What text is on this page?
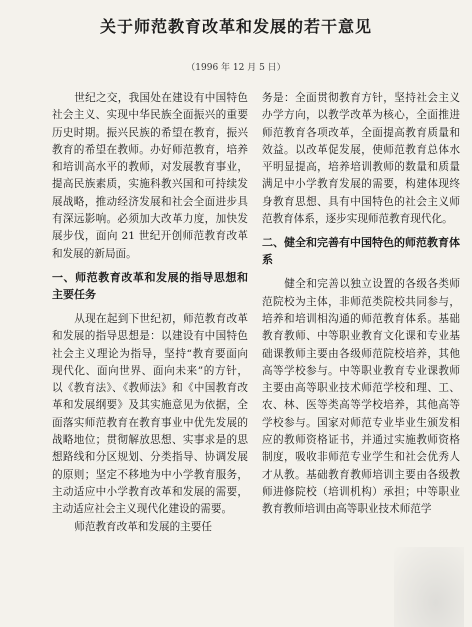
关于师范教育改革和发展的若干意见
（1996 年 12 月 5 日）

世纪之交，我国处在建设有中国特色社会主义、实现中华民族全面振兴的重要历史时期。振兴民族的希望在教育，振兴教育的希望在教师。办好师范教育，培养和培训高水平的教师，对发展教育事业，提高民族素质，实施科教兴国和可持续发展战略，推动经济发展和社会全面进步具有深远影响。必须加大改革力度，加快发展步伐，面向 21 世纪开创师范教育改革和发展的新局面。

一、师范教育改革和发展的指导思想和主要任务

从现在起到下世纪初，师范教育改革和发展的指导思想是：以建设有中国特色社会主义理论为指导，坚持“教育要面向现代化、面向世界、面向未来”的方针，以《教育法》、《教师法》和《中国教育改革和发展纲要》及其实施意见为依据，全面落实师范教育在教育事业中优先发展的战略地位；贯彻解放思想、实事求是的思想路线和分区规划、分类指导、协调发展的原则；坚定不移地为中小学教育服务，主动适应中小学教育改革和发展的需要，主动适应社会主义现代化建设的需要。

师范教育改革和发展的主要任

务是：全面贯彻教育方针，坚持社会主义办学方向，以教学改革为核心，全面推进师范教育各项改革，全面提高教育质量和效益。以改革促发展，使师范教育总体水平明显提高，培养培训教师的数量和质量满足中小学教育发展的需要，构建体现终身教育思想、具有中国特色的社会主义师范教育体系，逐步实现师范教育现代化。

二、健全和完善有中国特色的师范教育体系

健全和完善以独立设置的各级各类师范院校为主体，非师范类院校共同参与，培养和培训相沟通的师范教育体系。基础教育教师、中等职业教育文化课和专业基础课教师主要由各级师范院校培养，其他高等学校参与。中等职业教育专业课教师主要由高等职业技术师范学校和理、工、农、林、医等类高等学校培养，其他高等学校参与。国家对师范专业毕业生颁发相应的教师资格证书，并通过实施教师资格制度，吸收非师范专业学生和社会优秀人才从教。基础教育教师培训主要由各级教师进修院校（培训机构）承担；中等职业教育教师培训由高等职业技术师范学
